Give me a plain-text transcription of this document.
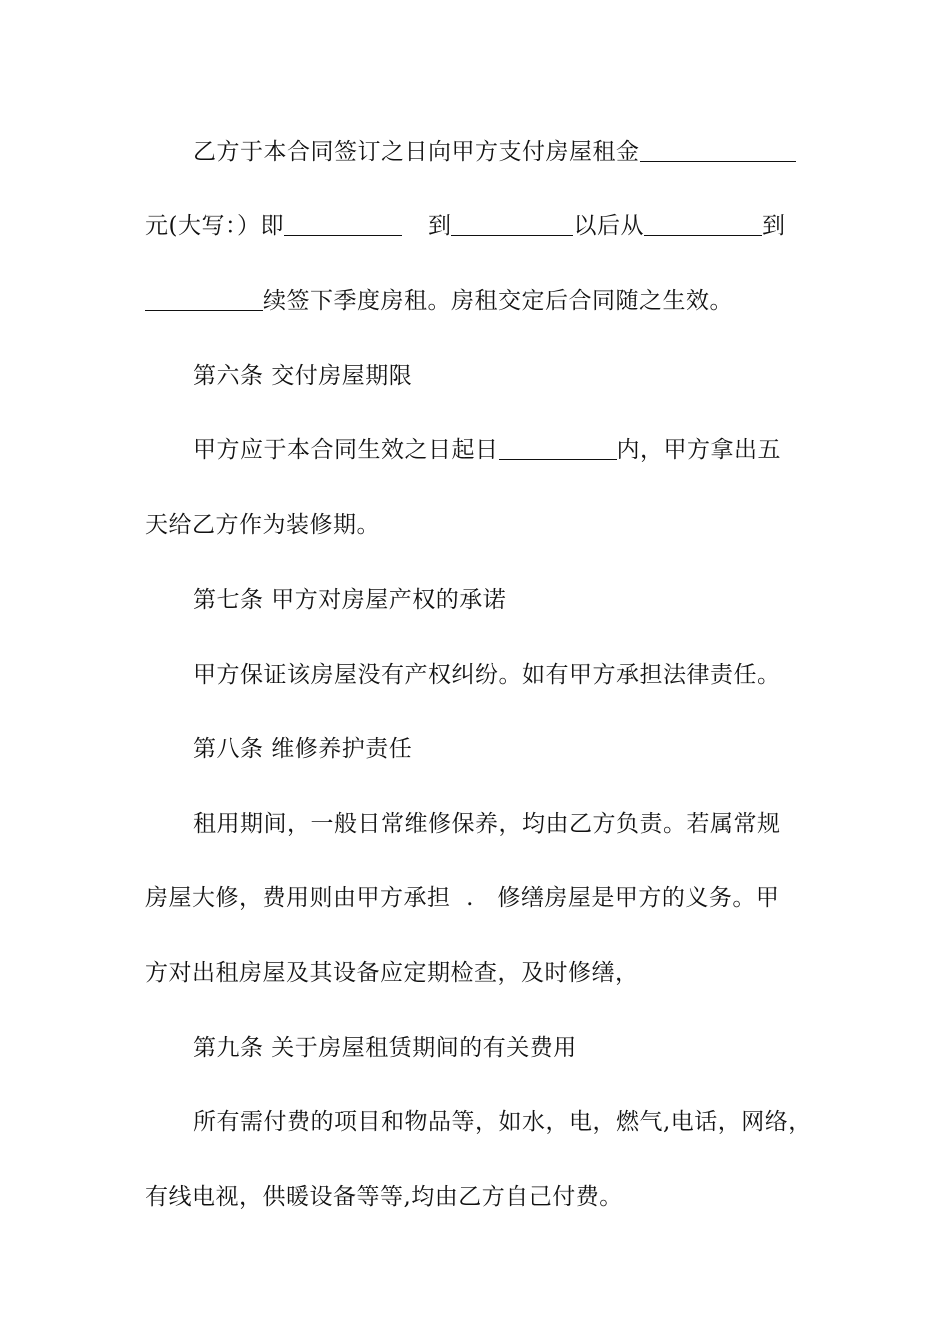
乙方于本合同签订之日向甲方支付房屋租金
元(大写：）即	到	以后从	到
续签下季度房租。房租交定后合同随之生效。
第六条 交付房屋期限
甲方应于本合同生效之日起日	内，甲方拿出五
天给乙方作为装修期。
第七条 甲方对房屋产权的承诺
甲方保证该房屋没有产权纠纷。如有甲方承担法律责任。
第八条 维修养护责任
租用期间，一般日常维修保养，均由乙方负责。若属常规
房屋大修，费用则由甲方承担  .   修缮房屋是甲方的义务。甲
方对出租房屋及其设备应定期检查，及时修缮，
第九条 关于房屋租赁期间的有关费用
所有需付费的项目和物品等，如水，电，燃气,电话，网络，
有线电视，供暖设备等等,均由乙方自己付费。
